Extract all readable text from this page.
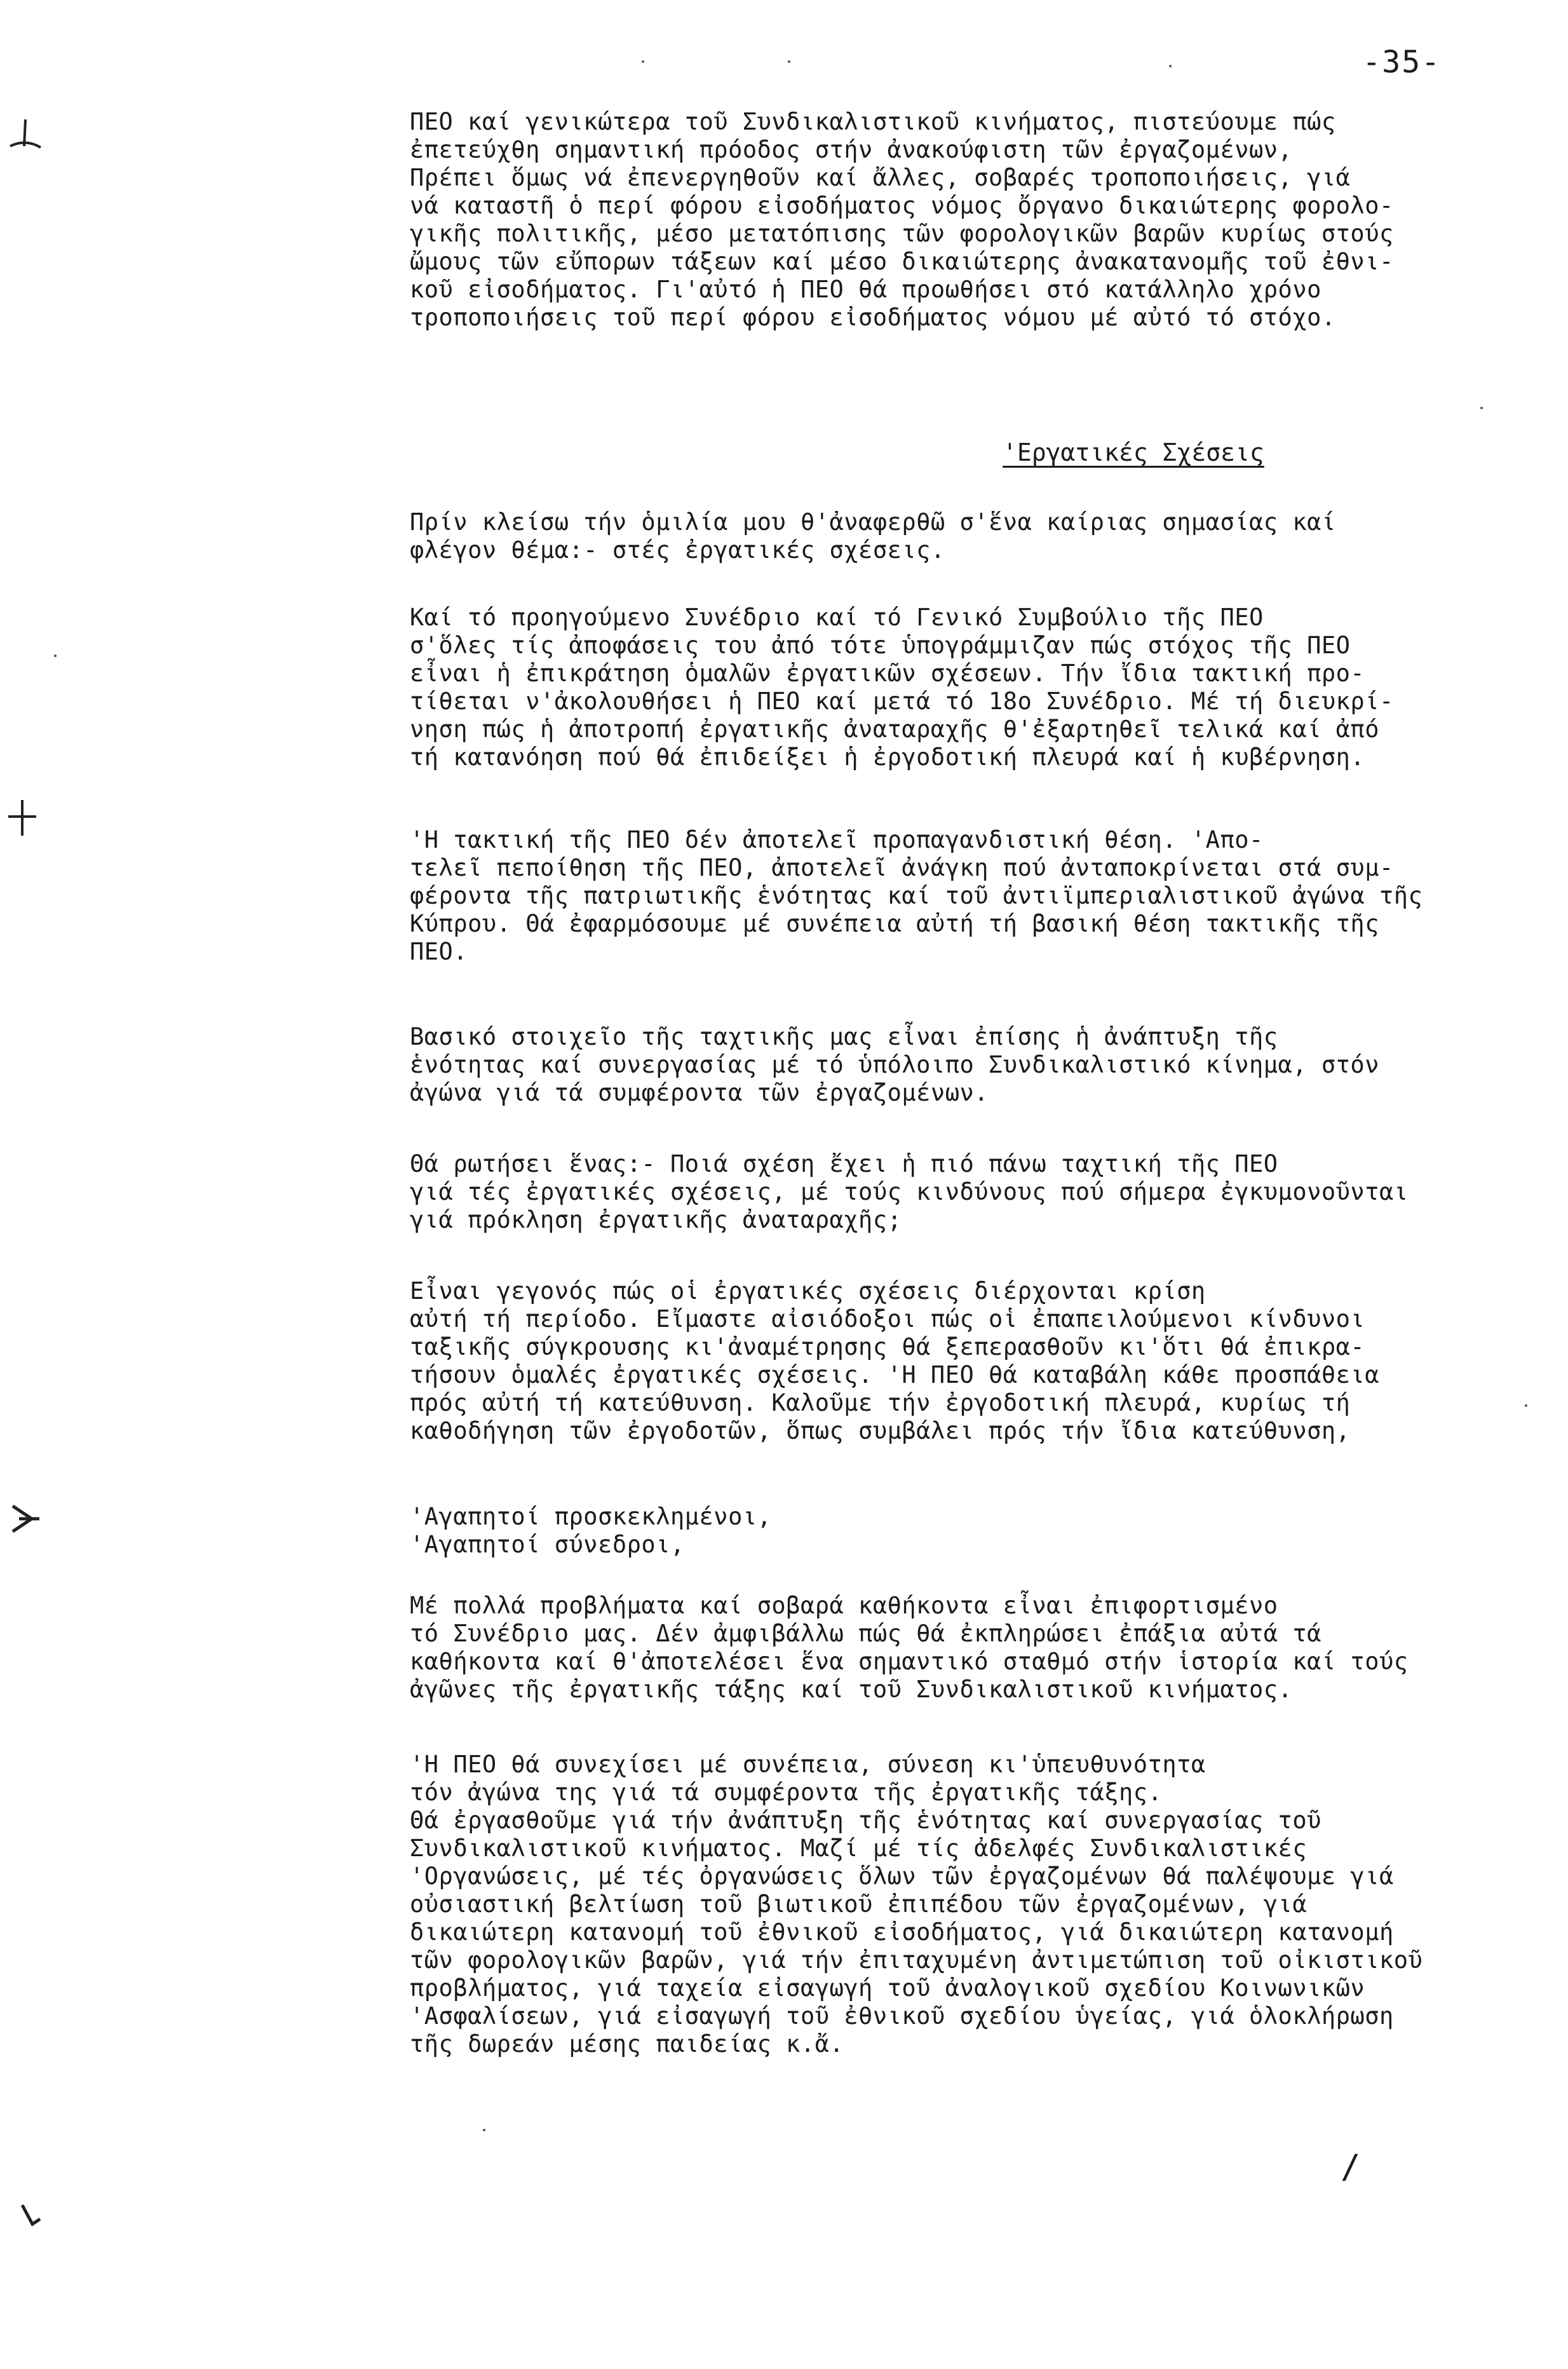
-35-
ΠΕΟ καί γενικώτερα τοῦ Συνδικαλιστικοῦ κινήματος, πιστεύουμε πώς
ἐπετεύχθη σημαντική πρόοδος στήν ἀνακούφιστη τῶν ἐργαζομένων,
Πρέπει ὅμως νά ἐπενεργηθοῦν καί ἄλλες, σοβαρές τροποποιήσεις, γιά
νά καταστῆ ὁ περί φόρου εἰσοδήματος νόμος ὄργανο δικαιώτερης φορολο-
γικῆς πολιτικῆς, μέσο μετατόπισης τῶν φορολογικῶν βαρῶν κυρίως στούς
ὤμους τῶν εὔπορων τάξεων καί μέσο δικαιώτερης ἀνακατανομῆς τοῦ ἐθνι-
κοῦ εἰσοδήματος. Γι'αὐτό ἡ ΠΕΟ θά προωθήσει στό κατάλληλο χρόνο
τροποποιήσεις τοῦ περί φόρου εἰσοδήματος νόμου μέ αὐτό τό στόχο.
'Εργατικές Σχέσεις
Πρίν κλείσω τήν ὁμιλία μου θ'ἀναφερθῶ σ'ἕνα καίριας σημασίας καί
φλέγον θέμα:- στές ἐργατικές σχέσεις.
Καί τό προηγούμενο Συνέδριο καί τό Γενικό Συμβούλιο τῆς ΠΕΟ
σ'ὅλες τίς ἀποφάσεις του ἀπό τότε ὑπογράμμιζαν πώς στόχος τῆς ΠΕΟ
εἶναι ἡ ἐπικράτηση ὁμαλῶν ἐργατικῶν σχέσεων. Τήν ἴδια τακτική προ-
τίθεται ν'ἀκολουθήσει ἡ ΠΕΟ καί μετά τό 18ο Συνέδριο. Μέ τή διευκρί-
νηση πώς ἡ ἀποτροπή ἐργατικῆς ἀναταραχῆς θ'ἐξαρτηθεῖ τελικά καί ἀπό
τή κατανόηση πού θά ἐπιδείξει ἡ ἐργοδοτική πλευρά καί ἡ κυβέρνηση.
'Η τακτική τῆς ΠΕΟ δέν ἀποτελεῖ προπαγανδιστική θέση. 'Απο-
τελεῖ πεποίθηση τῆς ΠΕΟ, ἀποτελεῖ ἀνάγκη πού ἀνταποκρίνεται στά συμ-
φέροντα τῆς πατριωτικῆς ἑνότητας καί τοῦ ἀντιϊμπεριαλιστικοῦ ἀγώνα τῆς
Κύπρου. Θά ἐφαρμόσουμε μέ συνέπεια αὐτή τή βασική θέση τακτικῆς τῆς
ΠΕΟ.
Βασικό στοιχεῖο τῆς ταχτικῆς μας εἶναι ἐπίσης ἡ ἀνάπτυξη τῆς
ἑνότητας καί συνεργασίας μέ τό ὑπόλοιπο Συνδικαλιστικό κίνημα, στόν
ἀγώνα γιά τά συμφέροντα τῶν ἐργαζομένων.
Θά ρωτήσει ἕνας:- Ποιά σχέση ἔχει ἡ πιό πάνω ταχτική τῆς ΠΕΟ
γιά τές ἐργατικές σχέσεις, μέ τούς κινδύνους πού σήμερα ἐγκυμονοῦνται
γιά πρόκληση ἐργατικῆς ἀναταραχῆς;
Εἶναι γεγονός πώς οἱ ἐργατικές σχέσεις διέρχονται κρίση
αὐτή τή περίοδο. Εἴμαστε αἰσιόδοξοι πώς οἱ ἐπαπειλούμενοι κίνδυνοι
ταξικῆς σύγκρουσης κι'ἀναμέτρησης θά ξεπερασθοῦν κι'ὅτι θά ἐπικρα-
τήσουν ὁμαλές ἐργατικές σχέσεις. 'Η ΠΕΟ θά καταβάλη κάθε προσπάθεια
πρός αὐτή τή κατεύθυνση. Καλοῦμε τήν ἐργοδοτική πλευρά, κυρίως τή
καθοδήγηση τῶν ἐργοδοτῶν, ὅπως συμβάλει πρός τήν ἴδια κατεύθυνση,
'Αγαπητοί προσκεκλημένοι,
'Αγαπητοί σύνεδροι,
Μέ πολλά προβλήματα καί σοβαρά καθήκοντα εἶναι ἐπιφορτισμένο
τό Συνέδριο μας. Δέν ἀμφιβάλλω πώς θά ἐκπληρώσει ἐπάξια αὐτά τά
καθήκοντα καί θ'ἀποτελέσει ἕνα σημαντικό σταθμό στήν ἱστορία καί τούς
ἀγῶνες τῆς ἐργατικῆς τάξης καί τοῦ Συνδικαλιστικοῦ κινήματος.
'Η ΠΕΟ θά συνεχίσει μέ συνέπεια, σύνεση κι'ὑπευθυνότητα
τόν ἀγώνα της γιά τά συμφέροντα τῆς ἐργατικῆς τάξης.
Θά ἐργασθοῦμε γιά τήν ἀνάπτυξη τῆς ἑνότητας καί συνεργασίας τοῦ
Συνδικαλιστικοῦ κινήματος. Μαζί μέ τίς ἀδελφές Συνδικαλιστικές
'Οργανώσεις, μέ τές ὀργανώσεις ὅλων τῶν ἐργαζομένων θά παλέψουμε γιά
οὐσιαστική βελτίωση τοῦ βιωτικοῦ ἐπιπέδου τῶν ἐργαζομένων, γιά
δικαιώτερη κατανομή τοῦ ἐθνικοῦ εἰσοδήματος, γιά δικαιώτερη κατανομή
τῶν φορολογικῶν βαρῶν, γιά τήν ἐπιταχυμένη ἀντιμετώπιση τοῦ οἰκιστικοῦ
προβλήματος, γιά ταχεία εἰσαγωγή τοῦ ἀναλογικοῦ σχεδίου Κοινωνικῶν
'Ασφαλίσεων, γιά εἰσαγωγή τοῦ ἐθνικοῦ σχεδίου ὑγείας, γιά ὁλοκλήρωση
τῆς δωρεάν μέσης παιδείας κ.ἄ.
/
